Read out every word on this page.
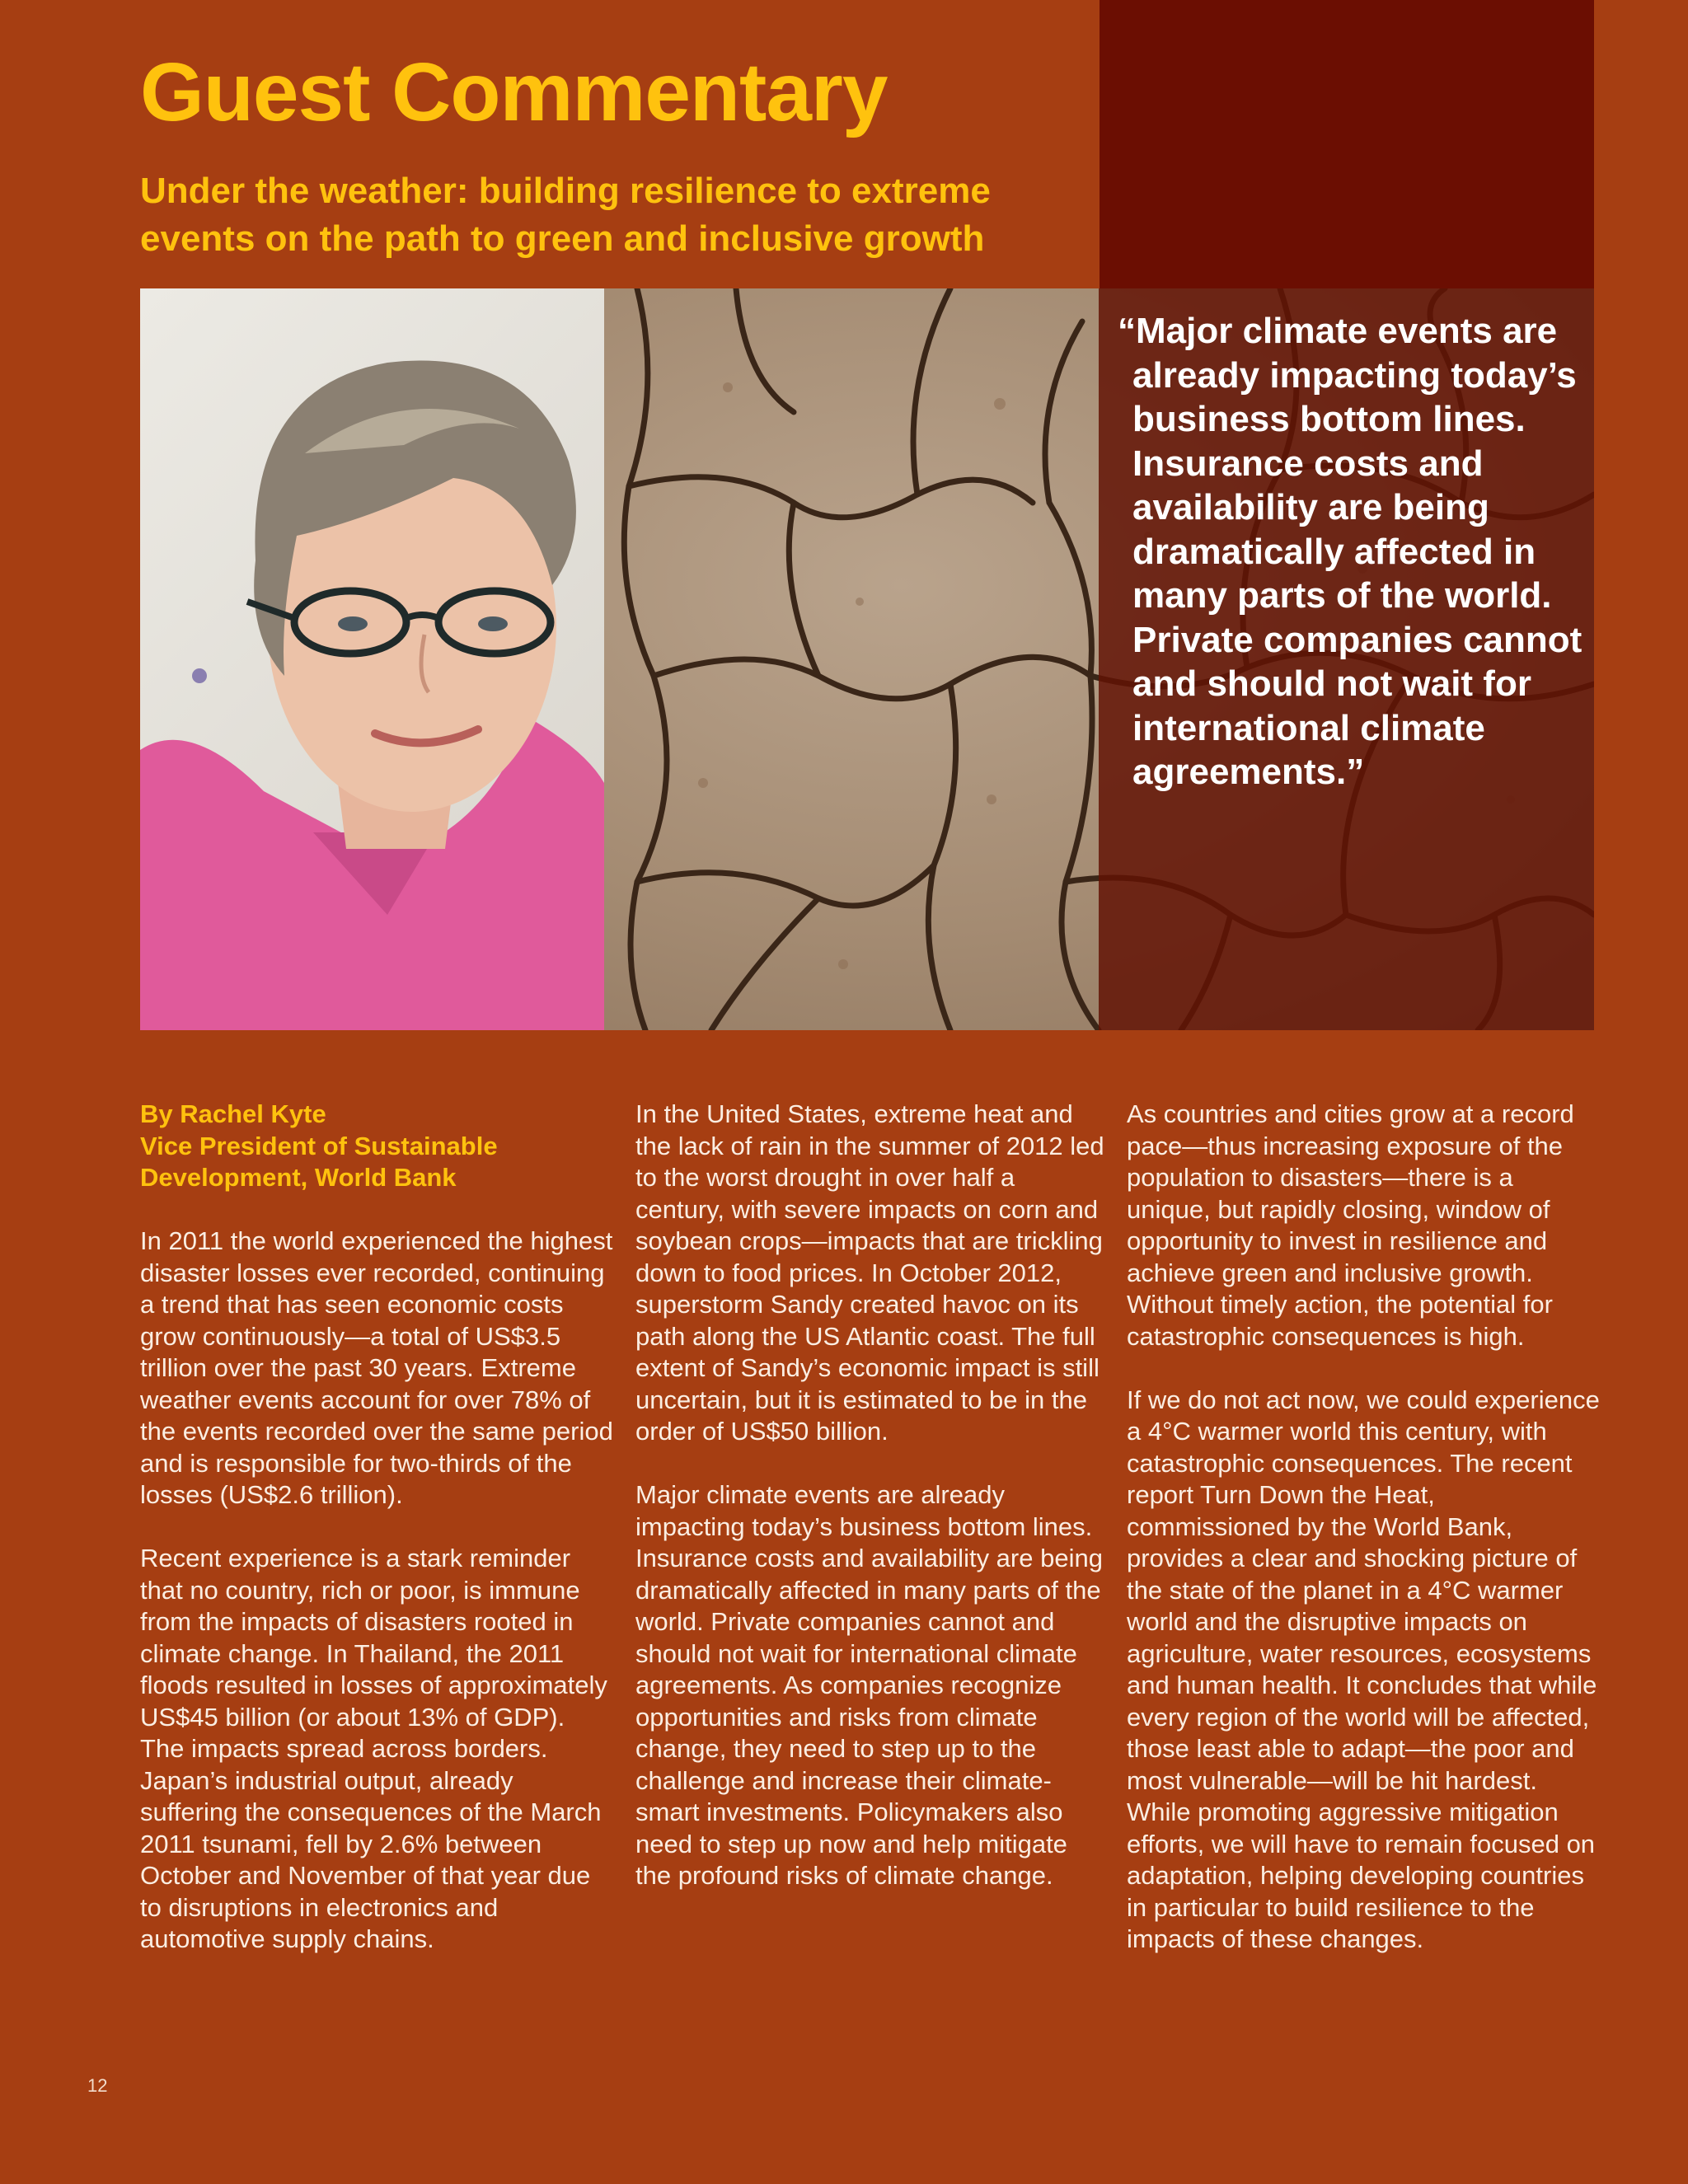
Guest Commentary
Under the weather: building resilience to extreme events on the path to green and inclusive growth

“Major climate events are already impacting today’s business bottom lines. Insurance costs and availability are being dramatically affected in many parts of the world. Private companies cannot and should not wait for international climate agreements.”

By Rachel Kyte
Vice President of Sustainable
Development, World Bank

In 2011 the world experienced the highest disaster losses ever recorded, continuing a trend that has seen economic costs grow continuously—a total of US$3.5 trillion over the past 30 years. Extreme weather events account for over 78% of the events recorded over the same period and is responsible for two-thirds of the losses (US$2.6 trillion).

Recent experience is a stark reminder that no country, rich or poor, is immune from the impacts of disasters rooted in climate change. In Thailand, the 2011 floods resulted in losses of approximately US$45 billion (or about 13% of GDP). The impacts spread across borders. Japan’s industrial output, already suffering the consequences of the March 2011 tsunami, fell by 2.6% between October and November of that year due to disruptions in electronics and automotive supply chains.

In the United States, extreme heat and the lack of rain in the summer of 2012 led to the worst drought in over half a century, with severe impacts on corn and soybean crops—impacts that are trickling down to food prices. In October 2012, superstorm Sandy created havoc on its path along the US Atlantic coast. The full extent of Sandy’s economic impact is still uncertain, but it is estimated to be in the order of US$50 billion.

Major climate events are already impacting today’s business bottom lines. Insurance costs and availability are being dramatically affected in many parts of the world. Private companies cannot and should not wait for international climate agreements. As companies recognize opportunities and risks from climate change, they need to step up to the challenge and increase their climate-smart investments. Policymakers also need to step up now and help mitigate the profound risks of climate change.

As countries and cities grow at a record pace—thus increasing exposure of the population to disasters—there is a unique, but rapidly closing, window of opportunity to invest in resilience and achieve green and inclusive growth. Without timely action, the potential for catastrophic consequences is high.

If we do not act now, we could experience a 4°C warmer world this century, with catastrophic consequences. The recent report Turn Down the Heat, commissioned by the World Bank, provides a clear and shocking picture of the state of the planet in a 4°C warmer world and the disruptive impacts on agriculture, water resources, ecosystems and human health. It concludes that while every region of the world will be affected, those least able to adapt—the poor and most vulnerable—will be hit hardest. While promoting aggressive mitigation efforts, we will have to remain focused on adaptation, helping developing countries in particular to build resilience to the impacts of these changes.

12
